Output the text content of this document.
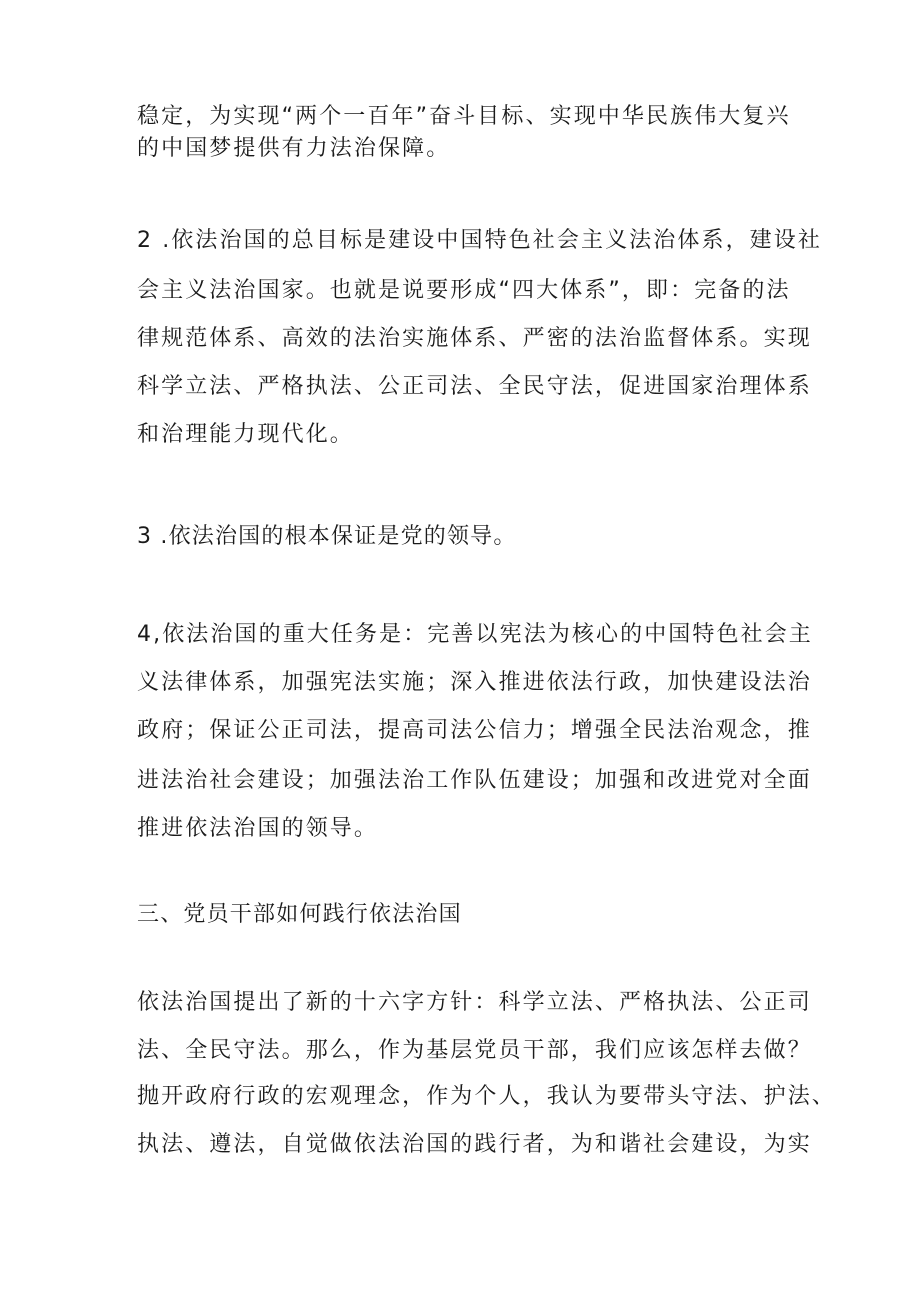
稳定，为实现“两个一百年”奋斗目标、实现中华民族伟大复兴
的中国梦提供有力法治保障。
2 .依法治国的总目标是建设中国特色社会主义法治体系，建设社
会主义法治国家。也就是说要形成“四大体系”，即：完备的法
律规范体系、高效的法治实施体系、严密的法治监督体系。实现
科学立法、严格执法、公正司法、全民守法，促进国家治理体系
和治理能力现代化。
3 .依法治国的根本保证是党的领导。
4,依法治国的重大任务是：完善以宪法为核心的中国特色社会主
义法律体系，加强宪法实施；深入推进依法行政，加快建设法治
政府；保证公正司法，提高司法公信力；增强全民法治观念，推
进法治社会建设；加强法治工作队伍建设；加强和改进党对全面
推进依法治国的领导。
三、党员干部如何践行依法治国
依法治国提出了新的十六字方针：科学立法、严格执法、公正司
法、全民守法。那么，作为基层党员干部，我们应该怎样去做？
抛开政府行政的宏观理念，作为个人，我认为要带头守法、护法、
执法、遵法，自觉做依法治国的践行者，为和谐社会建设，为实
